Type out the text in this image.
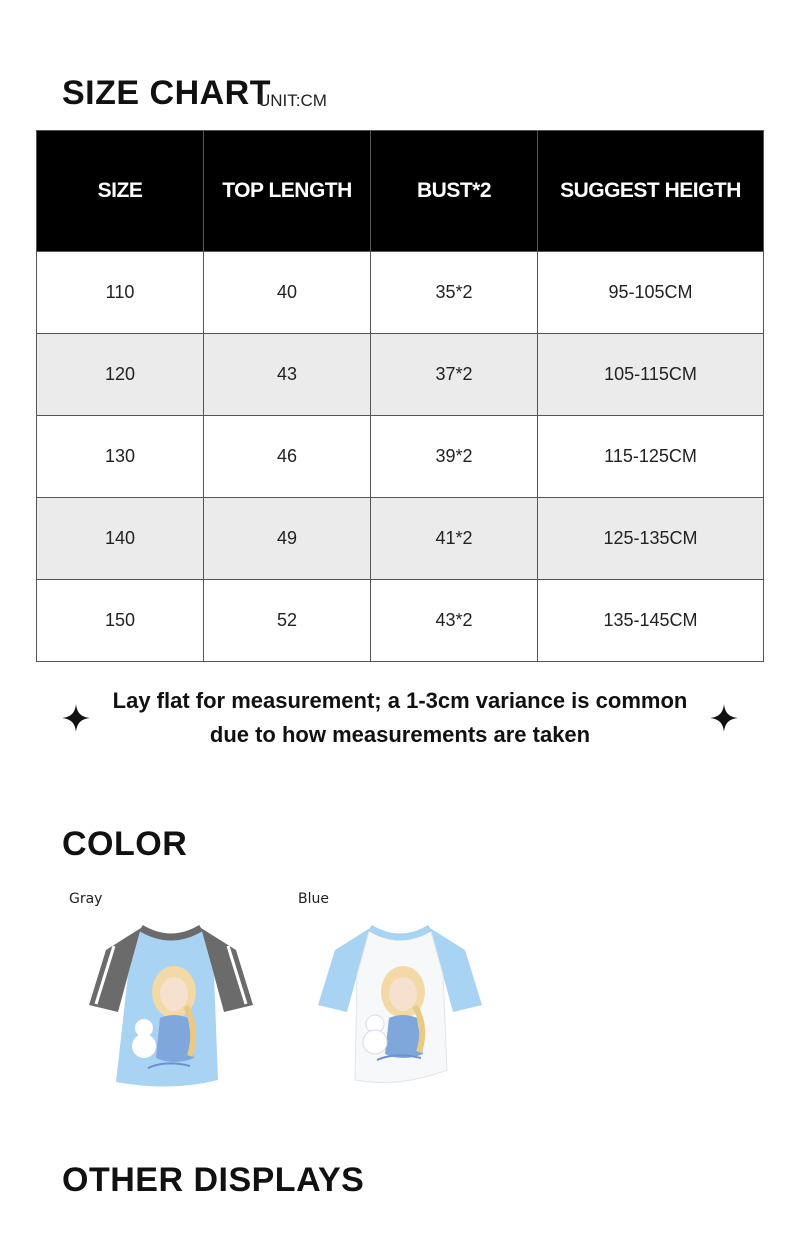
SIZE CHART
UNIT:CM
SIZE	TOP LENGTH	BUST*2	SUGGEST HEIGTH
110	40	35*2	95-105CM
120	43	37*2	105-115CM
130	46	39*2	115-125CM
140	49	41*2	125-135CM
150	52	43*2	135-145CM
Lay flat for measurement; a 1-3cm variance is common
due to how measurements are taken
COLOR
Gray	Blue
OTHER DISPLAYS
